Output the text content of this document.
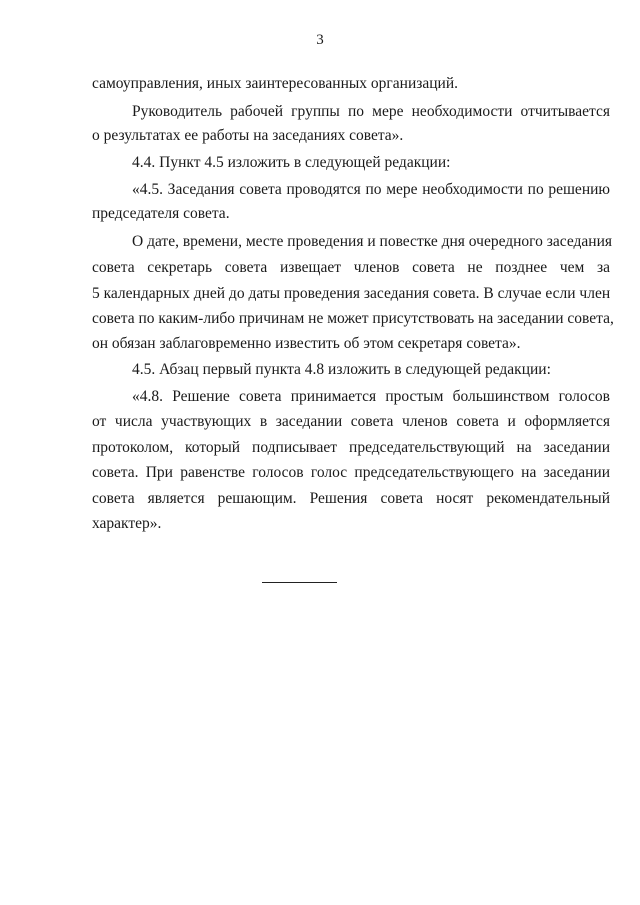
3
самоуправления, иных заинтересованных организаций.
Руководитель рабочей группы по мере необходимости отчитывается
о результатах ее работы на заседаниях совета».
4.4. Пункт 4.5 изложить в следующей редакции:
«4.5. Заседания совета проводятся по мере необходимости по решению
председателя совета.
О дате, времени, месте проведения и повестке дня очередного заседания
совета секретарь совета извещает членов совета не позднее чем за
5 календарных дней до даты проведения заседания совета. В случае если член
совета по каким-либо причинам не может присутствовать на заседании совета,
он обязан заблаговременно известить об этом секретаря совета».
4.5. Абзац первый пункта 4.8 изложить в следующей редакции:
«4.8. Решение совета принимается простым большинством голосов
от числа участвующих в заседании совета членов совета и оформляется
протоколом, который подписывает председательствующий на заседании
совета. При равенстве голосов голос председательствующего на заседании
совета является решающим. Решения совета носят рекомендательный
характер».
